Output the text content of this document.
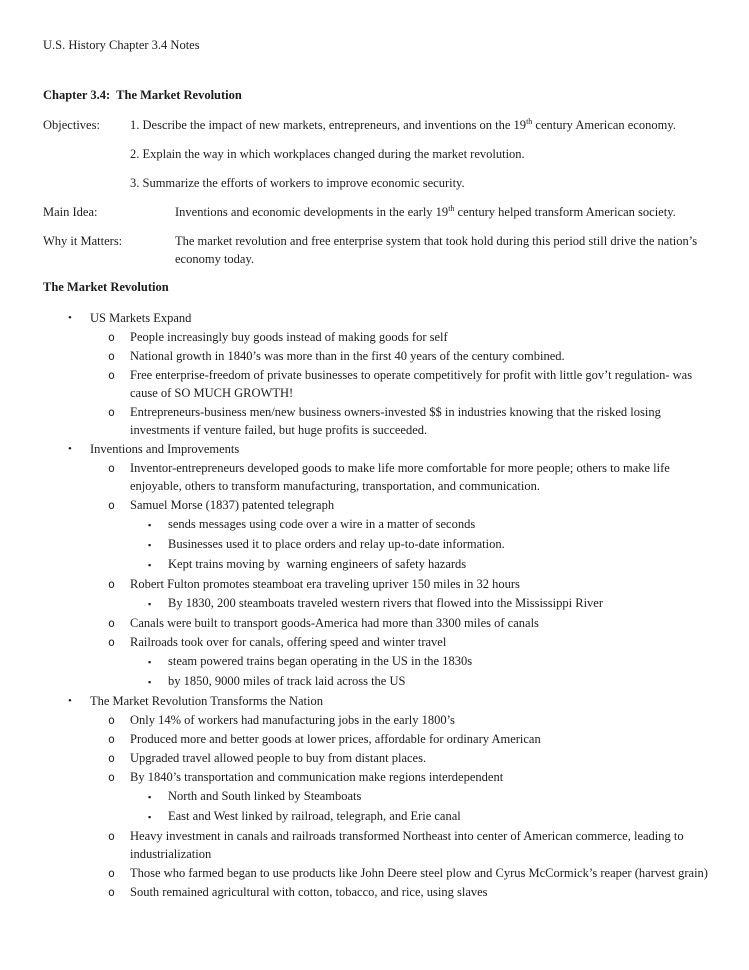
U.S. History Chapter 3.4 Notes

Chapter 3.4:  The Market Revolution

Objectives:	1. Describe the impact of new markets, entrepreneurs, and inventions on the 19th century American economy.

2. Explain the way in which workplaces changed during the market revolution.

3. Summarize the efforts of workers to improve economic security.

Main Idea:	Inventions and economic developments in the early 19th century helped transform American society.
Why it Matters:	The market revolution and free enterprise system that took hold during this period still drive the nation’s economy today.

The Market Revolution

•	US Markets Expand
o	People increasingly buy goods instead of making goods for self
o	National growth in 1840’s was more than in the first 40 years of the century combined.
o	Free enterprise-freedom of private businesses to operate competitively for profit with little gov’t regulation- was cause of SO MUCH GROWTH!
o	Entrepreneurs-business men/new business owners-invested $$ in industries knowing that the risked losing investments if venture failed, but huge profits is succeeded.
•	Inventions and Improvements
o	Inventor-entrepreneurs developed goods to make life more comfortable for more people; others to make life enjoyable, others to transform manufacturing, transportation, and communication.
o	Samuel Morse (1837) patented telegraph
▪	sends messages using code over a wire in a matter of seconds
▪	Businesses used it to place orders and relay up-to-date information.
▪	Kept trains moving by  warning engineers of safety hazards
o	Robert Fulton promotes steamboat era traveling upriver 150 miles in 32 hours
▪	By 1830, 200 steamboats traveled western rivers that flowed into the Mississippi River
o	Canals were built to transport goods-America had more than 3300 miles of canals
o	Railroads took over for canals, offering speed and winter travel
▪	steam powered trains began operating in the US in the 1830s
▪	by 1850, 9000 miles of track laid across the US
•	The Market Revolution Transforms the Nation
o	Only 14% of workers had manufacturing jobs in the early 1800’s
o	Produced more and better goods at lower prices, affordable for ordinary American
o	Upgraded travel allowed people to buy from distant places.
o	By 1840’s transportation and communication make regions interdependent
▪	North and South linked by Steamboats
▪	East and West linked by railroad, telegraph, and Erie canal
o	Heavy investment in canals and railroads transformed Northeast into center of American commerce, leading to industrialization
o	Those who farmed began to use products like John Deere steel plow and Cyrus McCormick’s reaper (harvest grain)
o	South remained agricultural with cotton, tobacco, and rice, using slaves
